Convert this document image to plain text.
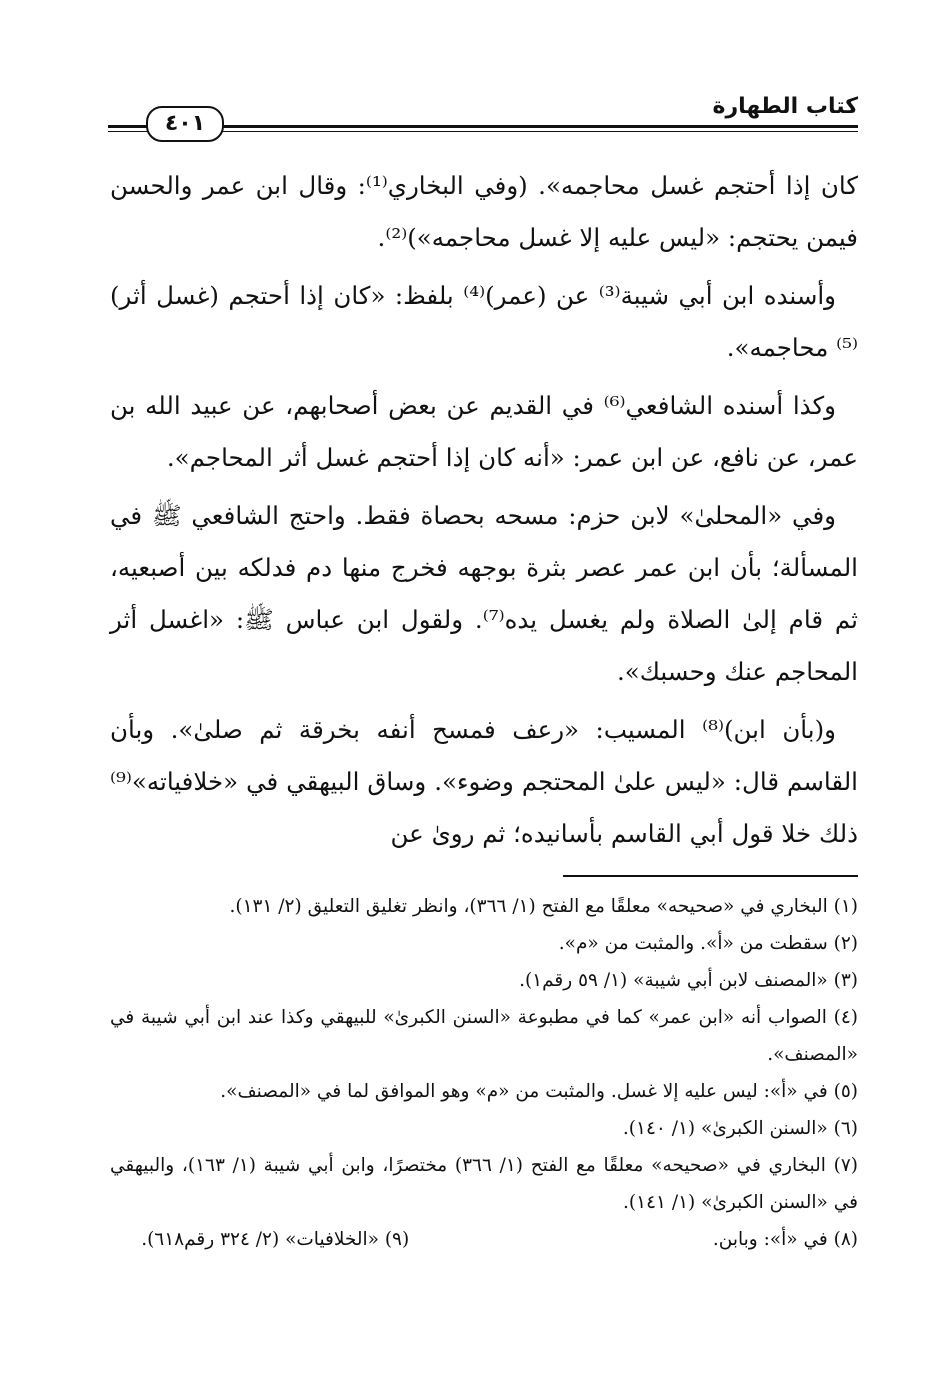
كتاب الطهارة
٤٠١

كان إذا أحتجم غسل محاجمه». (وفي البخاري⁽¹⁾: وقال ابن عمر والحسن فيمن يحتجم: «ليس عليه إلا غسل محاجمه»)⁽²⁾.

وأسنده ابن أبي شيبة⁽³⁾ عن (عمر)⁽⁴⁾ بلفظ: «كان إذا أحتجم (غسل أثر)⁽⁵⁾ محاجمه».

وكذا أسنده الشافعي⁽⁶⁾ في القديم عن بعض أصحابهم، عن عبيد الله بن عمر، عن نافع، عن ابن عمر: «أنه كان إذا أحتجم غسل أثر المحاجم».

وفي «المحلىٰ» لابن حزم: مسحه بحصاة فقط. واحتج الشافعي ﷺ في المسألة؛ بأن ابن عمر عصر بثرة بوجهه فخرج منها دم فدلكه بين أصبعيه، ثم قام إلىٰ الصلاة ولم يغسل يده⁽⁷⁾. ولقول ابن عباس ﷺ: «اغسل أثر المحاجم عنك وحسبك».

و(بأن ابن)⁽⁸⁾ المسيب: «رعف فمسح أنفه بخرقة ثم صلىٰ». وبأن القاسم قال: «ليس علىٰ المحتجم وضوء». وساق البيهقي في «خلافياته»⁽⁹⁾ ذلك خلا قول أبي القاسم بأسانيده؛ ثم روىٰ عن

(١) البخاري في «صحيحه» معلقًا مع الفتح (١/ ٣٦٦)، وانظر تغليق التعليق (٢/ ١٣١).

(٢) سقطت من «أ». والمثبت من «م».

(٣) «المصنف لابن أبي شيبة» (١/ ٥٩ رقم١).

(٤) الصواب أنه «ابن عمر» كما في مطبوعة «السنن الكبرىٰ» للبيهقي وكذا عند ابن أبي شيبة في «المصنف».

(٥) في «أ»: ليس عليه إلا غسل. والمثبت من «م» وهو الموافق لما في «المصنف».

(٦) «السنن الكبرىٰ» (١/ ١٤٠).

(٧) البخاري في «صحيحه» معلقًا مع الفتح (١/ ٣٦٦) مختصرًا، وابن أبي شيبة (١/ ١٦٣)، والبيهقي في «السنن الكبرىٰ» (١/ ١٤١).

(٨) في «أ»: وبابن.
(٩) «الخلافيات» (٢/ ٣٢٤ رقم٦١٨).
